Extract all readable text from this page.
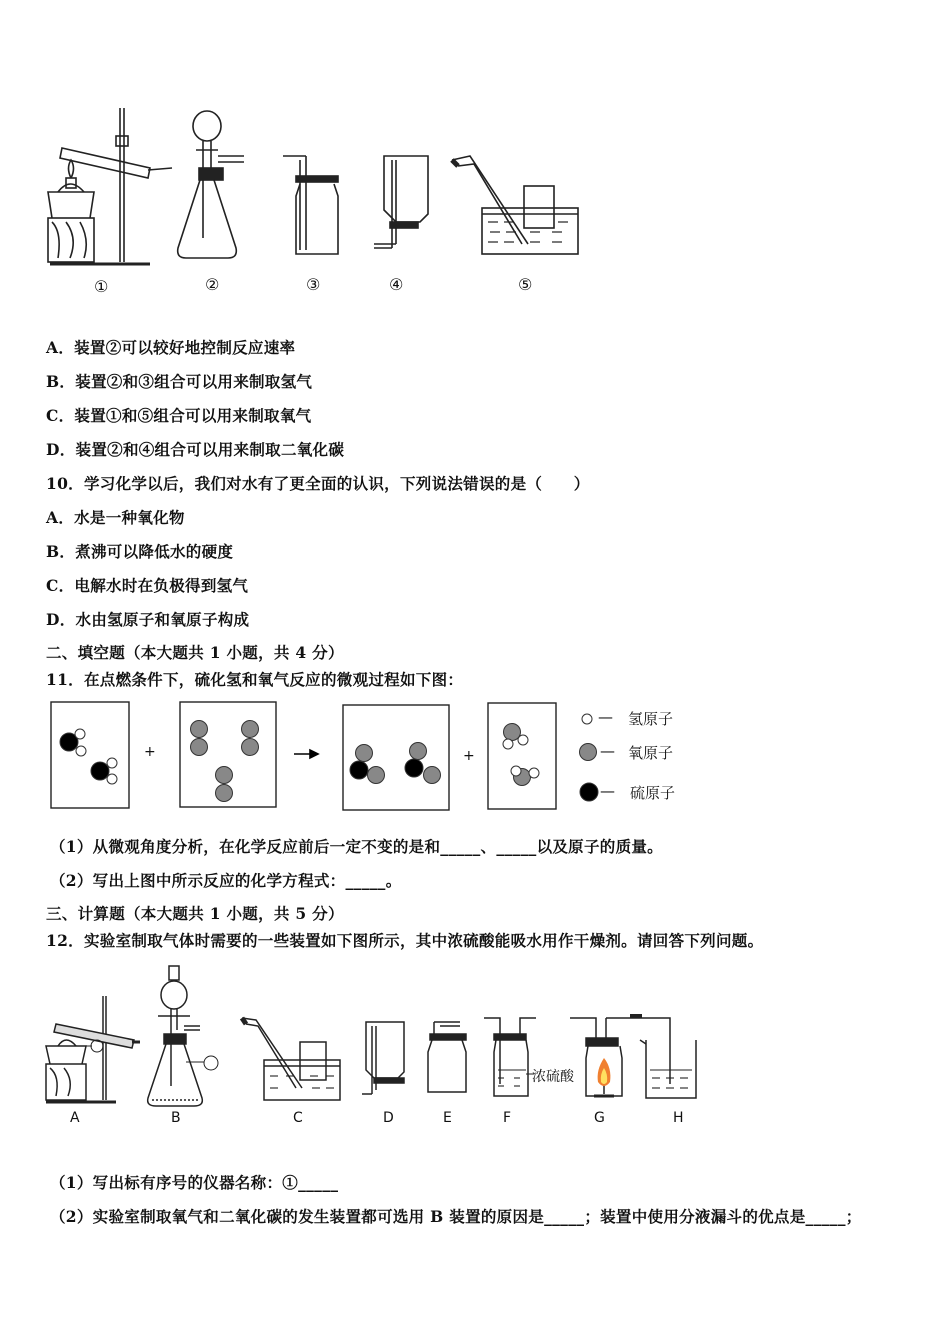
①	②	③	④	⑤
A．装置②可以较好地控制反应速率
B．装置②和③组合可以用来制取氢气
C．装置①和⑤组合可以用来制取氧气
D．装置②和④组合可以用来制取二氧化碳
10．学习化学以后，我们对水有了更全面的认识，下列说法错误的是（　　）
A．水是一种氧化物
B．煮沸可以降低水的硬度
C．电解水时在负极得到氢气
D．水由氢原子和氧原子构成
二、填空题（本大题共 1 小题，共 4 分）
11．在点燃条件下，硫化氢和氧气反应的微观过程如下图：
+	+
— 氢原子
— 氧原子
— 硫原子
（1）从微观角度分析，在化学反应前后一定不变的是和_____、_____以及原子的质量。
（2）写出上图中所示反应的化学方程式：_____。
三、计算题（本大题共 1 小题，共 5 分）
12．实验室制取气体时需要的一些装置如下图所示，其中浓硫酸能吸水用作干燥剂。请回答下列问题。
A	B	C	D	E	F	G	H
浓硫酸
（1）写出标有序号的仪器名称：①_____
（2）实验室制取氧气和二氧化碳的发生装置都可选用 B 装置的原因是_____；装置中使用分液漏斗的优点是_____；
